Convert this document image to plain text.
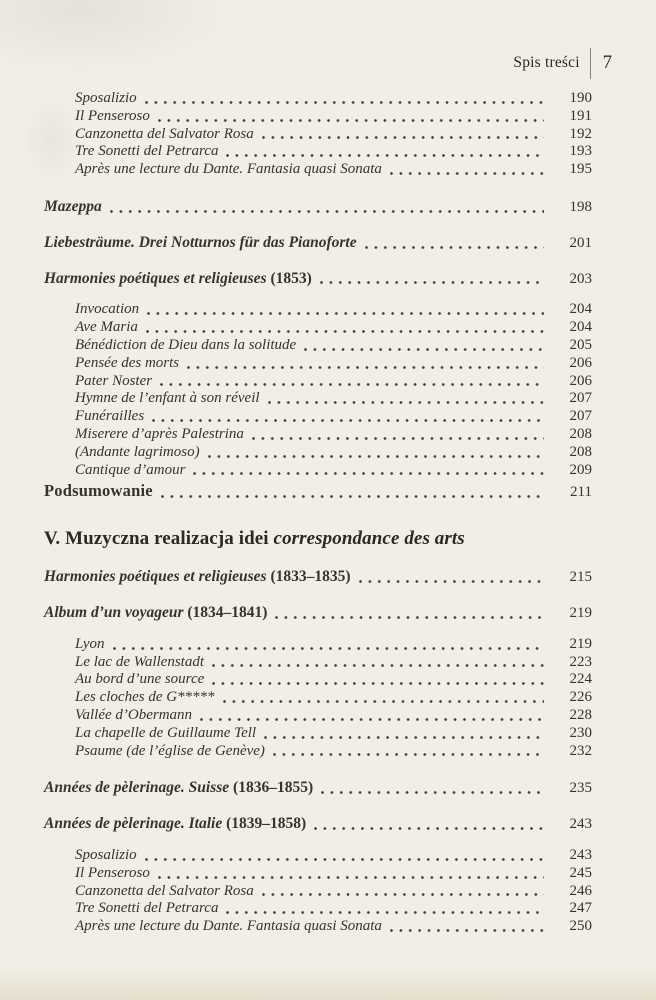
Spis treści 7
Sposalizio	190
Il Penseroso	191
Canzonetta del Salvator Rosa	192
Tre Sonetti del Petrarca	193
Après une lecture du Dante. Fantasia quasi Sonata	195
Mazeppa	198
Liebesträume. Drei Notturnos für das Pianoforte	201
Harmonies poétiques et religieuses (1853)	203
Invocation	204
Ave Maria	204
Bénédiction de Dieu dans la solitude	205
Pensée des morts	206
Pater Noster	206
Hymne de l’enfant à son réveil	207
Funérailles	207
Miserere d’après Palestrina	208
(Andante lagrimoso)	208
Cantique d’amour	209
Podsumowanie	211
V. Muzyczna realizacja idei correspondance des arts
Harmonies poétiques et religieuses (1833–1835)	215
Album d’un voyageur (1834–1841)	219
Lyon	219
Le lac de Wallenstadt	223
Au bord d’une source	224
Les cloches de G*****	226
Vallée d’Obermann	228
La chapelle de Guillaume Tell	230
Psaume (de l’église de Genève)	232
Années de pèlerinage. Suisse (1836–1855)	235
Années de pèlerinage. Italie (1839–1858)	243
Sposalizio	243
Il Penseroso	245
Canzonetta del Salvator Rosa	246
Tre Sonetti del Petrarca	247
Après une lecture du Dante. Fantasia quasi Sonata	250
